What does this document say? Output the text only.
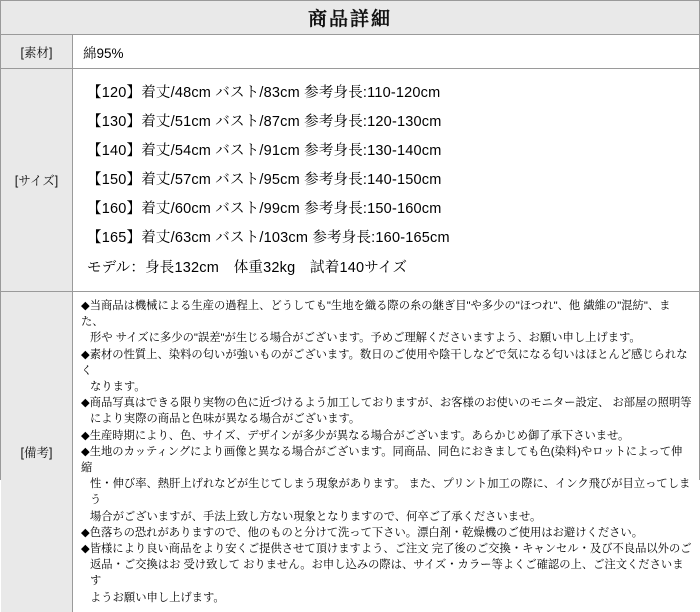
商品詳細
[素材]	綿95%
[サイズ]
【120】着丈/48cm バスト/83cm 参考身長:110-120cm
【130】着丈/51cm バスト/87cm 参考身長:120-130cm
【140】着丈/54cm バスト/91cm 参考身長:130-140cm
【150】着丈/57cm バスト/95cm 参考身長:140-150cm
【160】着丈/60cm バスト/99cm 参考身長:150-160cm
【165】着丈/63cm バスト/103cm 参考身長:160-165cm
モデル：身長132cm　体重32kg　試着140サイズ
[備考]
◆当商品は機械による生産の過程上、どうしても"生地を織る際の糸の継ぎ目"や多少の"ほつれ"、他 繊維の"混紡"、また、
形や サイズに多少の"誤差"が生じる場合がございます。予めご理解くださいますよう、お願い申し上げます。
◆素材の性質上、染料の匂いが強いものがございます。数日のご使用や陰干しなどで気になる匂いはほとんど感じられなく
なります。
◆商品写真はできる限り実物の色に近づけるよう加工しておりますが、お客様のお使いのモニター設定、 お部屋の照明等
により実際の商品と色味が異なる場合がございます。
◆生産時期により、色、サイズ、デザインが多少が異なる場合がございます。あらかじめ御了承下さいませ。
◆生地のカッティングにより画像と異なる場合がございます。同商品、同色におきましても色(染料)やロットによって伸縮
性・伸び率、熱肝上げれなどが生じてしまう現象があります。 また、プリント加工の際に、インク飛びが目立ってしまう
場合がございますが、手法上致し方ない現象となりますので、何卒ご了承くださいませ。
◆色落ちの恐れがありますので、他のものと分けて洗って下さい。漂白剤・乾燥機のご使用はお避けください。
◆皆様により良い商品をより安くご提供させて頂けますよう、ご注文 完了後のご交換・キャンセル・及び不良品以外のご
返品・ご交換はお 受け致して おりません。お申し込みの際は、サイズ・カラー等よくご確認の上、ご注文くださいます
ようお願い申し上げます。
